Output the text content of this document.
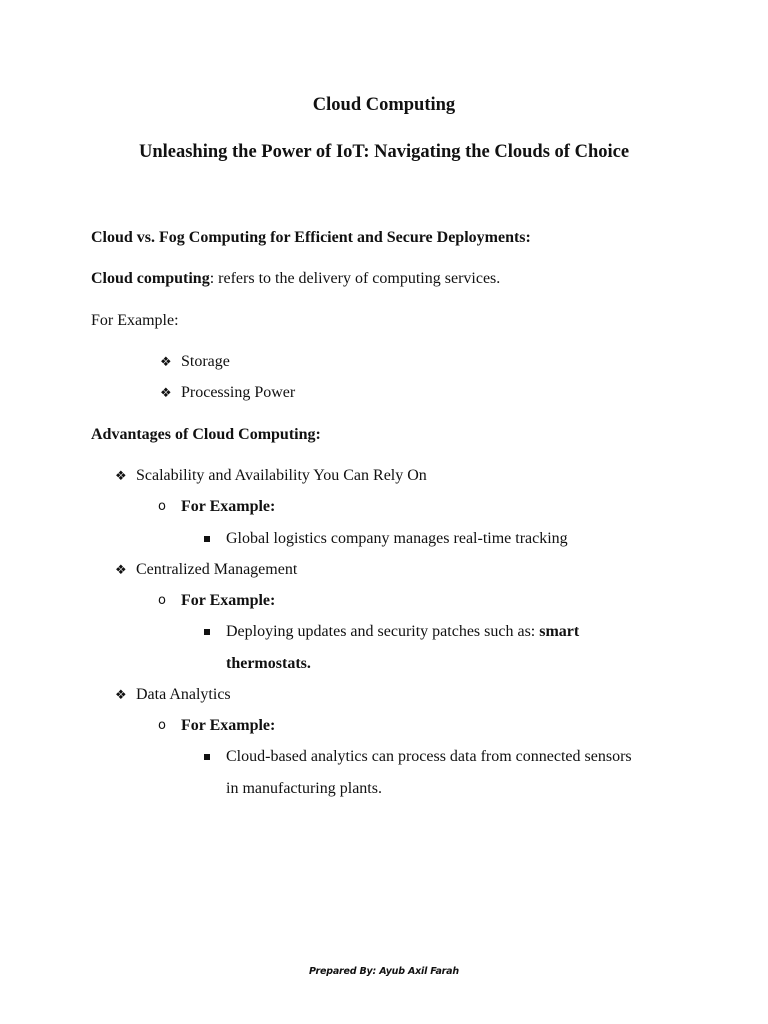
Cloud Computing
Unleashing the Power of IoT: Navigating the Clouds of Choice
Cloud vs. Fog Computing for Efficient and Secure Deployments:
Cloud computing: refers to the delivery of computing services.
For Example:
❖ Storage
❖ Processing Power
Advantages of Cloud Computing:
❖ Scalability and Availability You Can Rely On
o For Example:
Global logistics company manages real-time tracking
❖ Centralized Management
o For Example:
Deploying updates and security patches such as: smart
thermostats.
❖ Data Analytics
o For Example:
Cloud-based analytics can process data from connected sensors
in manufacturing plants.
Prepared By: Ayub Axil Farah
